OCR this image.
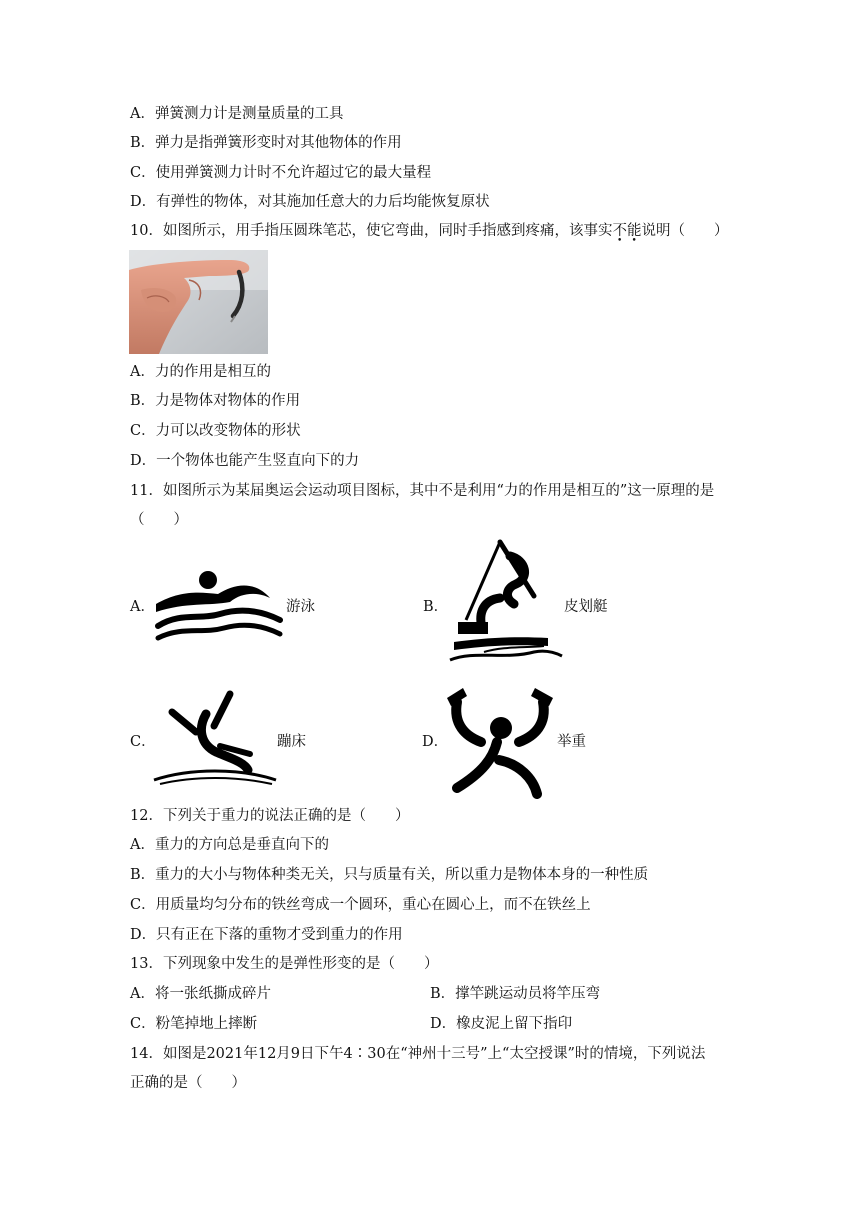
A．弹簧测力计是测量质量的工具
B．弹力是指弹簧形变时对其他物体的作用
C．使用弹簧测力计时不允许超过它的最大量程
D．有弹性的物体，对其施加任意大的力后均能恢复原状
10．如图所示，用手指压圆珠笔芯，使它弯曲，同时手指感到疼痛，该事实不能说明（　　）
A．力的作用是相互的
B．力是物体对物体的作用
C．力可以改变物体的形状
D．一个物体也能产生竖直向下的力
11．如图所示为某届奥运会运动项目图标，其中不是利用“力的作用是相互的”这一原理的是
（　　）
A．	游泳	B．	皮划艇
C．	蹦床	D．	举重
12．下列关于重力的说法正确的是（　　）
A．重力的方向总是垂直向下的
B．重力的大小与物体种类无关，只与质量有关，所以重力是物体本身的一种性质
C．用质量均匀分布的铁丝弯成一个圆环，重心在圆心上，而不在铁丝上
D．只有正在下落的重物才受到重力的作用
13．下列现象中发生的是弹性形变的是（　　）
A．将一张纸撕成碎片	B．撑竿跳运动员将竿压弯
C．粉笔掉地上摔断	D．橡皮泥上留下指印
14．如图是2021年12月9日下午4∶30在“神州十三号”上“太空授课”时的情境，下列说法
正确的是（　　）
